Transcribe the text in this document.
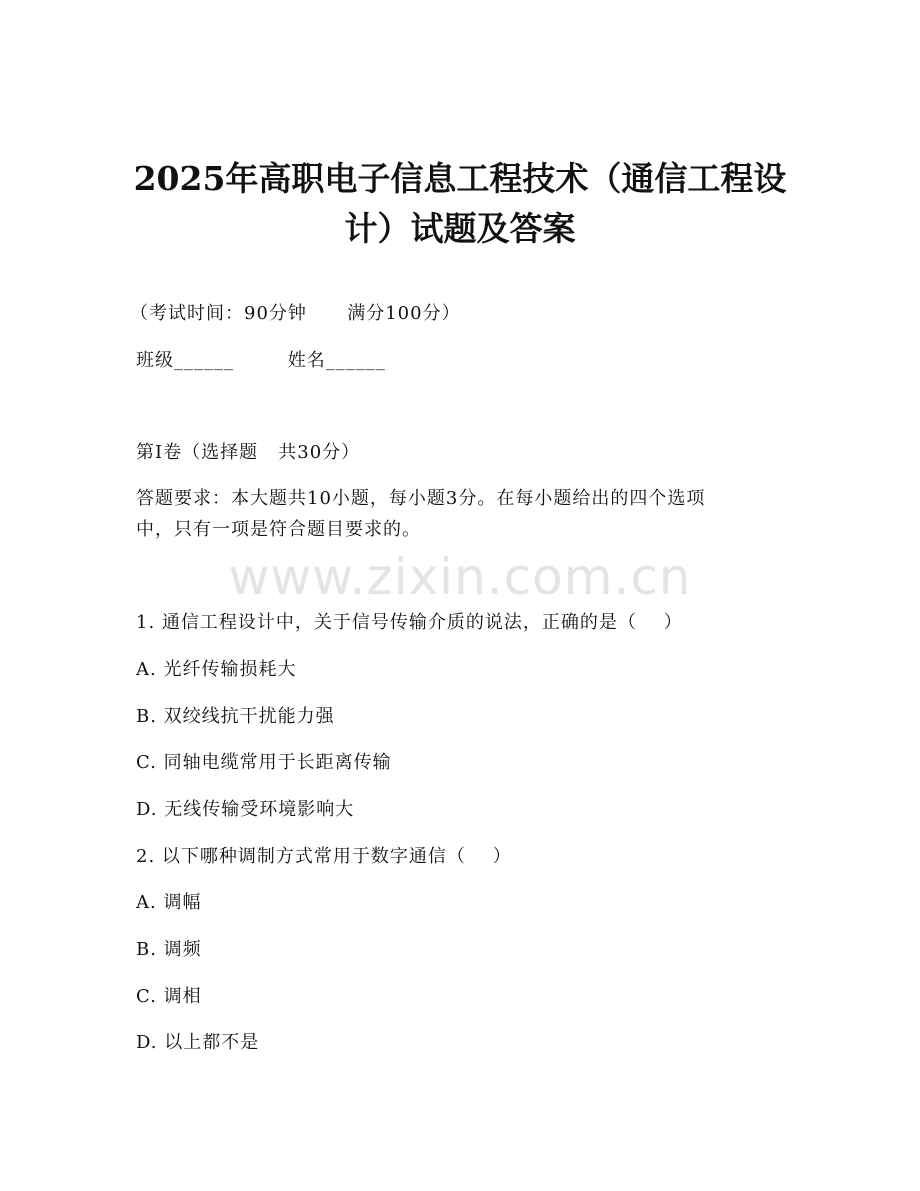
2025年高职电子信息工程技术（通信工程设
计）试题及答案
（考试时间：90分钟      满分100分）
班级______        姓名______
第Ⅰ卷（选择题   共30分）
答题要求：本大题共10小题，每小题3分。在每小题给出的四个选项
中，只有一项是符合题目要求的。
www.zixin.com.cn
1. 通信工程设计中，关于信号传输介质的说法，正确的是（    ）
A. 光纤传输损耗大
B. 双绞线抗干扰能力强
C. 同轴电缆常用于长距离传输
D. 无线传输受环境影响大
2. 以下哪种调制方式常用于数字通信（    ）
A. 调幅
B. 调频
C. 调相
D. 以上都不是
